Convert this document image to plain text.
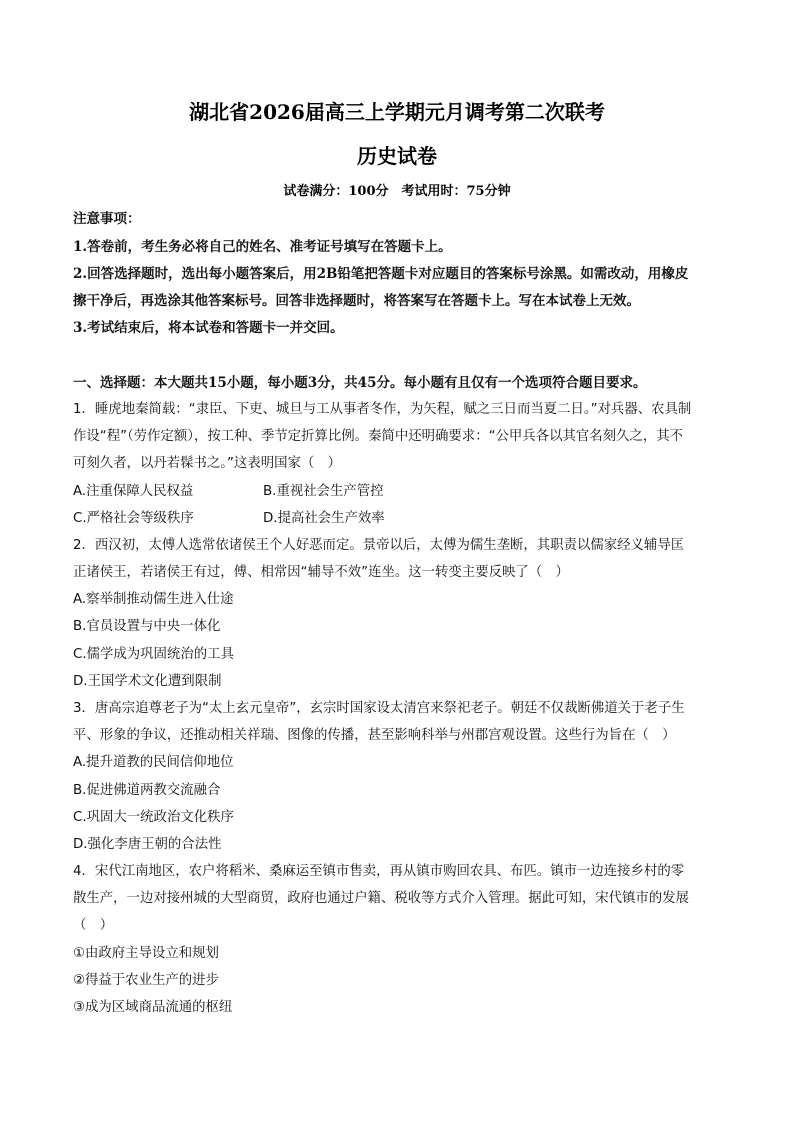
湖北省2026届高三上学期元月调考第二次联考
历史试卷
试卷满分：100分　考试用时：75分钟
注意事项：
1.答卷前，考生务必将自己的姓名、准考证号填写在答题卡上。
2.回答选择题时，选出每小题答案后，用2B铅笔把答题卡对应题目的答案标号涂黑。如需改动，用橡皮
擦干净后，再选涂其他答案标号。回答非选择题时，将答案写在答题卡上。写在本试卷上无效。
3.考试结束后，将本试卷和答题卡一并交回。
一、选择题：本大题共15小题，每小题3分，共45分。每小题有且仅有一个选项符合题目要求。
1．睡虎地秦简载：“隶臣、下吏、城旦与工从事者冬作，为矢程，赋之三日而当夏二日。”对兵器、农具制
作设“程”（劳作定额），按工种、季节定折算比例。秦简中还明确要求：“公甲兵各以其官名刻久之，其不
可刻久者，以丹若髹书之。”这表明国家（　）
A.注重保障人民权益	B.重视社会生产管控
C.严格社会等级秩序	D.提高社会生产效率
2．西汉初，太傅人选常依诸侯王个人好恶而定。景帝以后，太傅为儒生垄断，其职责以儒家经义辅导匡
正诸侯王，若诸侯王有过，傅、相常因“辅导不效”连坐。这一转变主要反映了（　）
A.察举制推动儒生进入仕途
B.官员设置与中央一体化
C.儒学成为巩固统治的工具
D.王国学术文化遭到限制
3．唐高宗追尊老子为“太上玄元皇帝”，玄宗时国家设太清宫来祭祀老子。朝廷不仅裁断佛道关于老子生
平、形象的争议，还推动相关祥瑞、图像的传播，甚至影响科举与州郡宫观设置。这些行为旨在（　）
A.提升道教的民间信仰地位
B.促进佛道两教交流融合
C.巩固大一统政治文化秩序
D.强化李唐王朝的合法性
4．宋代江南地区，农户将稻米、桑麻运至镇市售卖，再从镇市购回农具、布匹。镇市一边连接乡村的零
散生产，一边对接州城的大型商贸，政府也通过户籍、税收等方式介入管理。据此可知，宋代镇市的发展
（　）
①由政府主导设立和规划
②得益于农业生产的进步
③成为区域商品流通的枢纽
